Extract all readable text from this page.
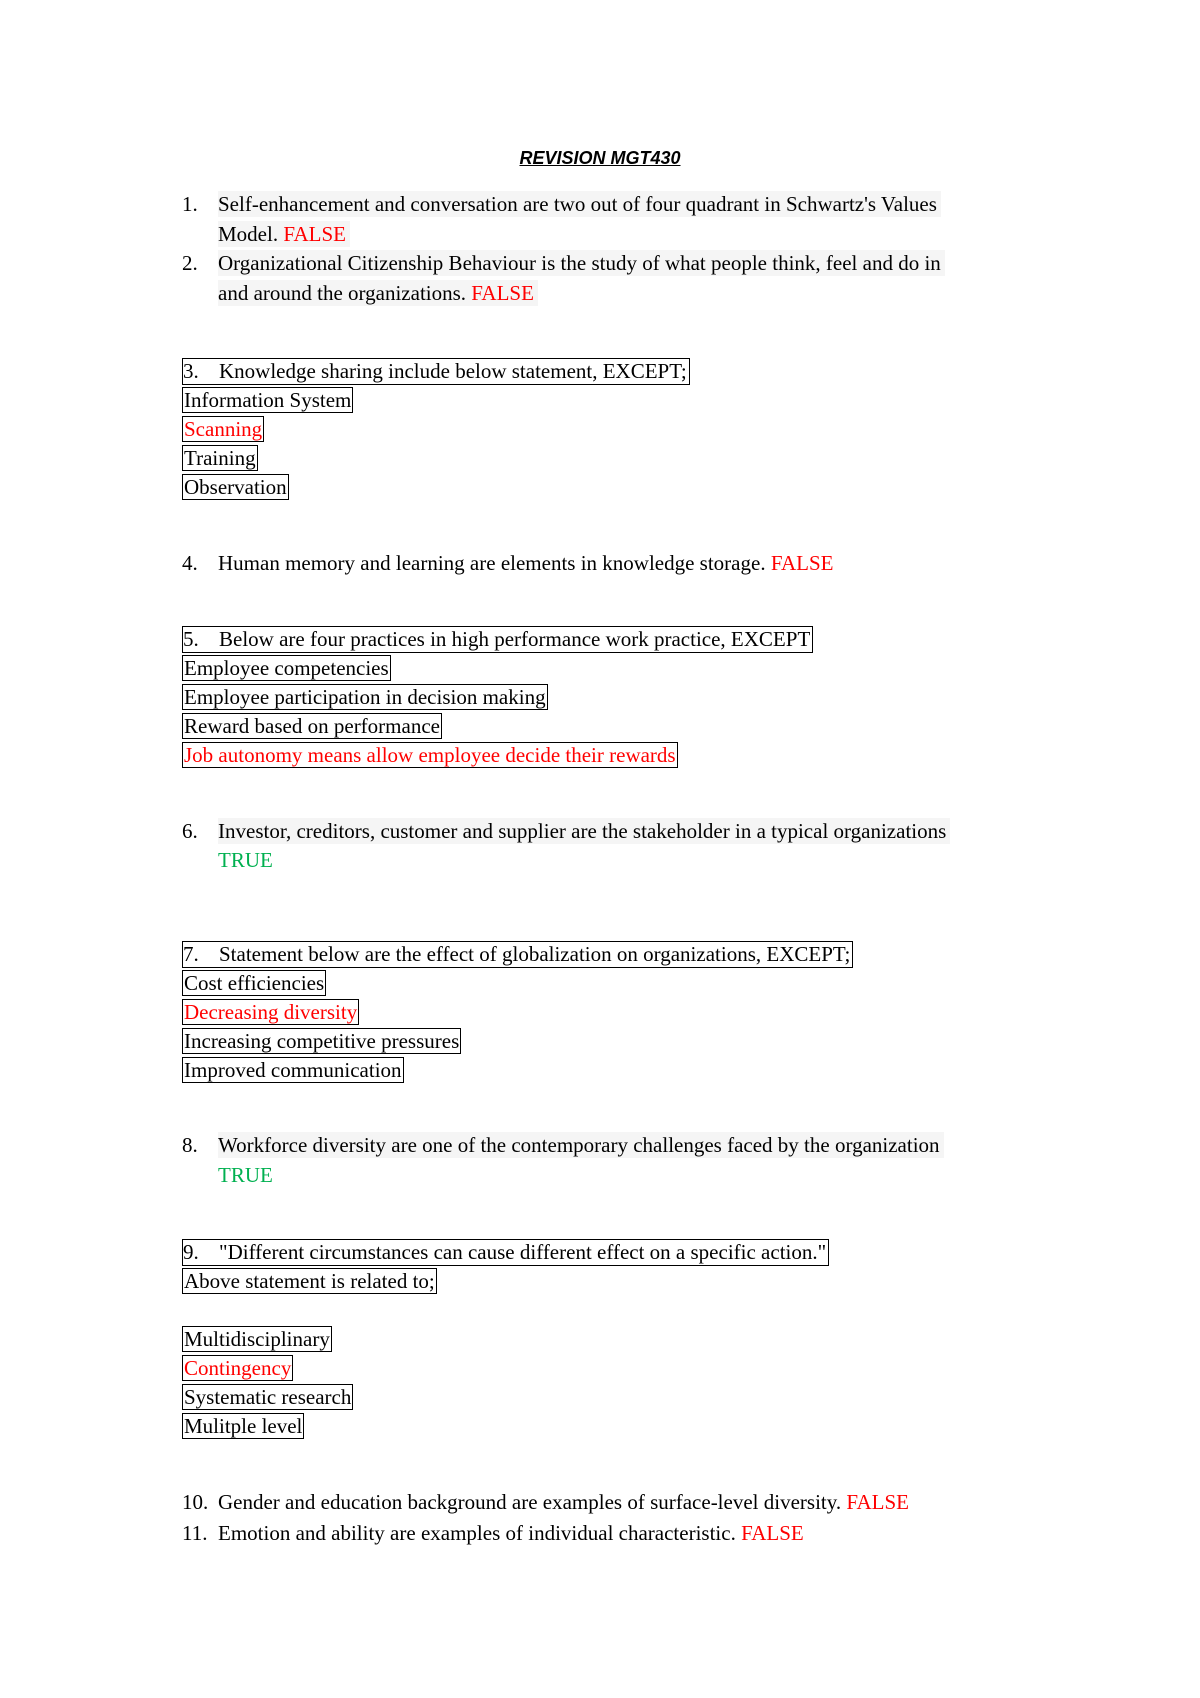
REVISION MGT430
1. Self-enhancement and conversation are two out of four quadrant in Schwartz's Values
Model. FALSE
2. Organizational Citizenship Behaviour is the study of what people think, feel and do in
and around the organizations. FALSE
3. Knowledge sharing include below statement, EXCEPT;
Information System
Scanning
Training
Observation
4. Human memory and learning are elements in knowledge storage. FALSE
5. Below are four practices in high performance work practice, EXCEPT
Employee competencies
Employee participation in decision making
Reward based on performance
Job autonomy means allow employee decide their rewards
6. Investor, creditors, customer and supplier are the stakeholder in a typical organizations
TRUE
7. Statement below are the effect of globalization on organizations, EXCEPT;
Cost efficiencies
Decreasing diversity
Increasing competitive pressures
Improved communication
8. Workforce diversity are one of the contemporary challenges faced by the organization
TRUE
9. "Different circumstances can cause different effect on a specific action."
Above statement is related to;
Multidisciplinary
Contingency
Systematic research
Mulitple level
10. Gender and education background are examples of surface-level diversity. FALSE
11. Emotion and ability are examples of individual characteristic. FALSE
